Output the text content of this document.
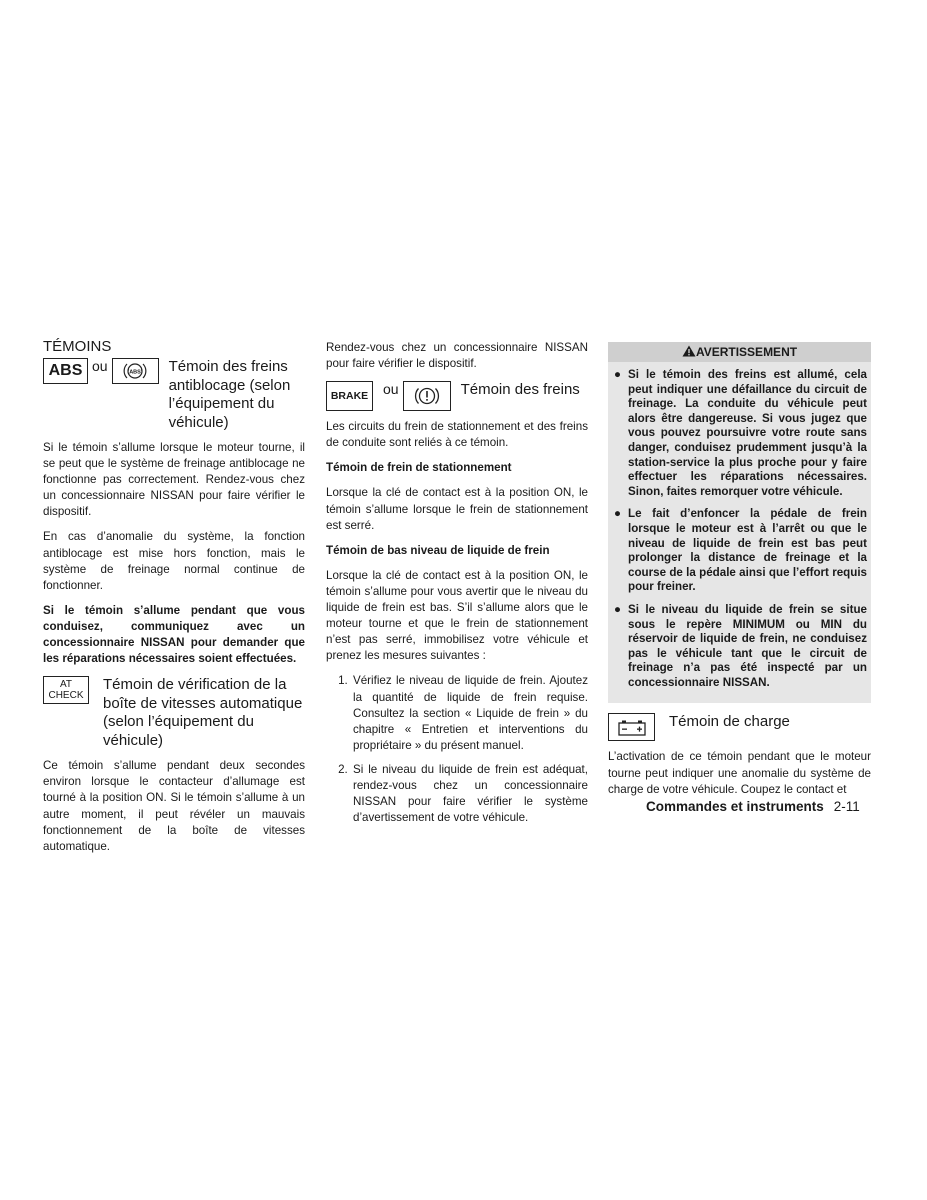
TÉMOINS
ABS ou	(ABS) Témoin des freins antiblocage (selon l’équipement du véhicule)

Si le témoin s’allume lorsque le moteur tourne, il se peut que le système de freinage antiblocage ne fonctionne pas correctement. Rendez-vous chez un concessionnaire NISSAN pour faire vérifier le dispositif.

En cas d’anomalie du système, la fonction antiblocage est mise hors fonction, mais le système de freinage normal continue de fonctionner.

Si le témoin s’allume pendant que vous conduisez, communiquez avec un concessionnaire NISSAN pour demander que les réparations nécessaires soient effectuées.

AT
CHECK
Témoin de vérification de la boîte de vitesses automatique (selon l’équipement du véhicule)

Ce témoin s’allume pendant deux secondes environ lorsque le contacteur d’allumage est tourné à la position ON. Si le témoin s’allume à un autre moment, il peut révéler un mauvais fonctionnement de la boîte de vitesses automatique.

Rendez-vous chez un concessionnaire NISSAN pour faire vérifier le dispositif.

BRAKE	ou	Témoin des freins

Les circuits du frein de stationnement et des freins de conduite sont reliés à ce témoin.

Témoin de frein de stationnement

Lorsque la clé de contact est à la position ON, le témoin s’allume lorsque le frein de stationnement est serré.

Témoin de bas niveau de liquide de frein

Lorsque la clé de contact est à la position ON, le témoin s’allume pour vous avertir que le niveau du liquide de frein est bas. S’il s’allume alors que le moteur tourne et que le frein de stationnement n’est pas serré, immobilisez votre véhicule et prenez les mesures suivantes :

1. Vérifiez le niveau de liquide de frein. Ajoutez la quantité de liquide de frein requise. Consultez la section « Liquide de frein » du chapitre « Entretien et interventions du propriétaire » du présent manuel.
2. Si le niveau du liquide de frein est adéquat, rendez-vous chez un concessionnaire NISSAN pour faire vérifier le système d’avertissement de votre véhicule.
AVERTISSEMENT
● Si le témoin des freins est allumé, cela peut indiquer une défaillance du circuit de freinage. La conduite du véhicule peut alors être dangereuse. Si vous jugez que vous pouvez poursuivre votre route sans danger, conduisez prudemment jusqu’à la station-service la plus proche pour y faire effectuer les réparations nécessaires. Sinon, faites remorquer votre véhicule.
● Le fait d’enfoncer la pédale de frein lorsque le moteur est à l’arrêt ou que le niveau de liquide de frein est bas peut prolonger la distance de freinage et la course de la pédale ainsi que l’effort requis pour freiner.
● Si le niveau du liquide de frein se situe sous le repère MINIMUM ou MIN du réservoir de liquide de frein, ne conduisez pas le véhicule tant que le circuit de freinage n’a pas été inspecté par un concessionnaire NISSAN.
Témoin de charge

L’activation de ce témoin pendant que le moteur tourne peut indiquer une anomalie du système de charge de votre véhicule. Coupez le contact et

Commandes et instruments 2-11
